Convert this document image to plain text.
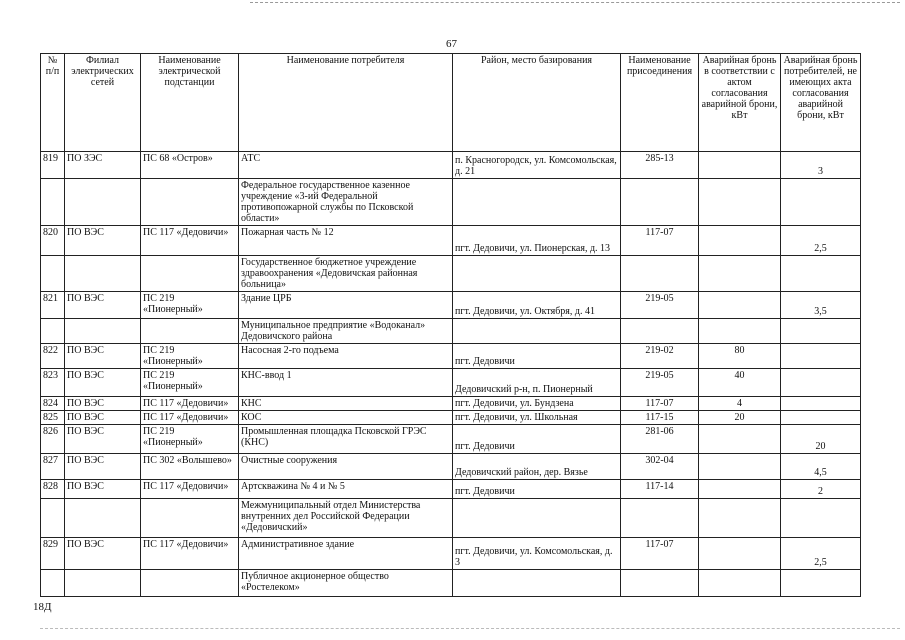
67
№ п/п	Филиал электрических сетей	Наименование электрической подстанции	Наименование потребителя	Район, место базирования	Наименование присоединения	Аварийная бронь в соответствии с актом согласования аварийной брони, кВт	Аварийная бронь потребителей, не имеющих акта согласования аварийной брони, кВт
819	ПО ЗЭС	ПС 68 «Остров»	АТС	п. Красногородск, ул. Комсомольская, д. 21	285-13		3
			Федеральное государственное казенное учреждение «3-ий Федеральной противопожарной службы по Псковской области»				
820	ПО ВЭС	ПС 117 «Дедовичи»	Пожарная часть № 12	пгт. Дедовичи, ул. Пионерская, д. 13	117-07		2,5
			Государственное бюджетное учреждение здравоохранения «Дедовичская районная больница»				
821	ПО ВЭС	ПС 219 «Пионерный»	Здание ЦРБ	пгт. Дедовичи, ул. Октября, д. 41	219-05		3,5
			Муниципальное предприятие «Водоканал» Дедовичского района				
822	ПО ВЭС	ПС 219 «Пионерный»	Насосная 2-го подъема	пгт. Дедовичи	219-02	80	
823	ПО ВЭС	ПС 219 «Пионерный»	КНС-ввод 1	Дедовичский р-н, п. Пионерный	219-05	40	
824	ПО ВЭС	ПС 117 «Дедовичи»	КНС	пгт. Дедовичи, ул. Бундзена	117-07	4	
825	ПО ВЭС	ПС 117 «Дедовичи»	КОС	пгт. Дедовичи, ул. Школьная	117-15	20	
826	ПО ВЭС	ПС 219 «Пионерный»	Промышленная площадка Псковской ГРЭС (КНС)	пгт. Дедовичи	281-06		20
827	ПО ВЭС	ПС 302 «Волышево»	Очистные сооружения	Дедовичский район, дер. Вязье	302-04		4,5
828	ПО ВЭС	ПС 117 «Дедовичи»	Артскважина № 4 и № 5	пгт. Дедовичи	117-14		2
			Межмуниципальный отдел Министерства внутренних дел Российской Федерации «Дедовичский»				
829	ПО ВЭС	ПС 117 «Дедовичи»	Административное здание	пгт. Дедовичи, ул. Комсомольская, д. 3	117-07		2,5
			Публичное акционерное общество «Ростелеком»				
18Д
